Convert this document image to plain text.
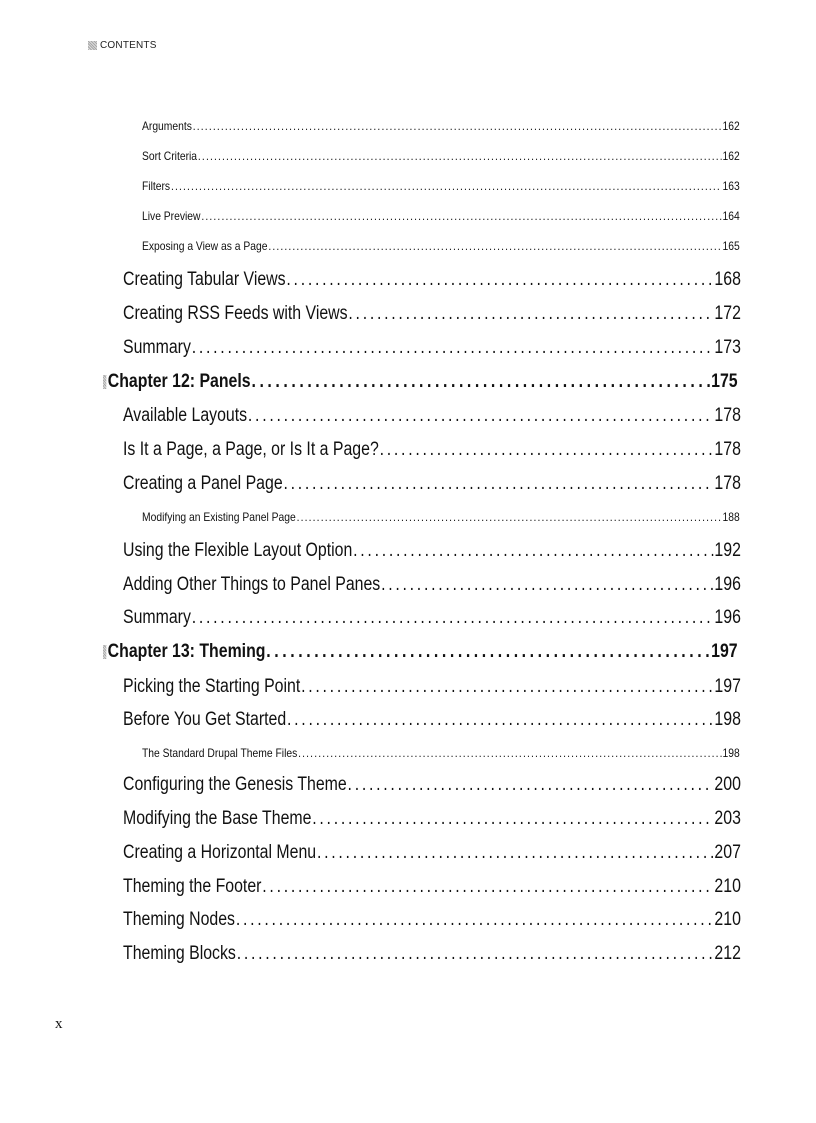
CONTENTS
Arguments . . .	162
Sort Criteria . . .	162
Filters . . .	163
Live Preview . . .	164
Exposing a View as a Page . . .	165
Creating Tabular Views . . .	168
Creating RSS Feeds with Views . . .	172
Summary . . .	173
Chapter 12: Panels . . .	175
Available Layouts . . .	178
Is It a Page, a Page, or Is It a Page? . . .	178
Creating a Panel Page . . .	178
Modifying an Existing Panel Page . . .	188
Using the Flexible Layout Option . . .	192
Adding Other Things to Panel Panes . . .	196
Summary . . .	196
Chapter 13: Theming . . .	197
Picking the Starting Point . . .	197
Before You Get Started . . .	198
The Standard Drupal Theme Files . . .	198
Configuring the Genesis Theme . . .	200
Modifying the Base Theme . . .	203
Creating a Horizontal Menu . . .	207
Theming the Footer . . .	210
Theming Nodes . . .	210
Theming Blocks . . .	212
x
